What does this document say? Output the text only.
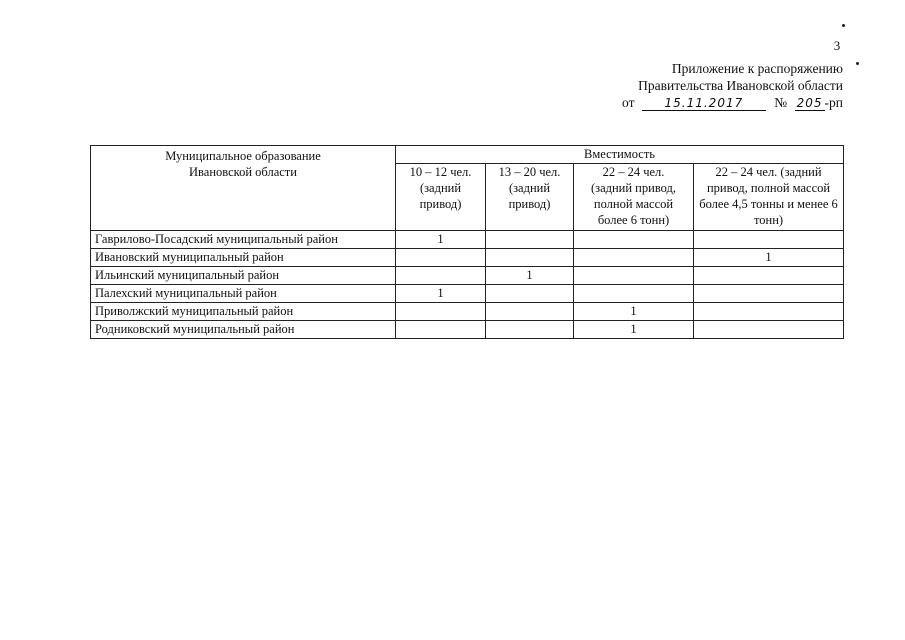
3
Приложение к распоряжению
Правительства Ивановской области
от	15.11.2017 № 205 -рп
Муниципальное образование Ивановской области	Вместимость			
	10 – 12 чел. (задний привод)	13 – 20 чел. (задний привод)	22 – 24 чел. (задний привод, полной массой более 6 тонн)	22 – 24 чел. (задний привод, полной массой более 4,5 тонны и менее 6 тонн)
Гаврилово-Посадский муниципальный район	1			
Ивановский муниципальный район				1
Ильинский муниципальный район		1		
Палехский муниципальный район	1			
Приволжский муниципальный район			1	
Родниковский муниципальный район			1	
